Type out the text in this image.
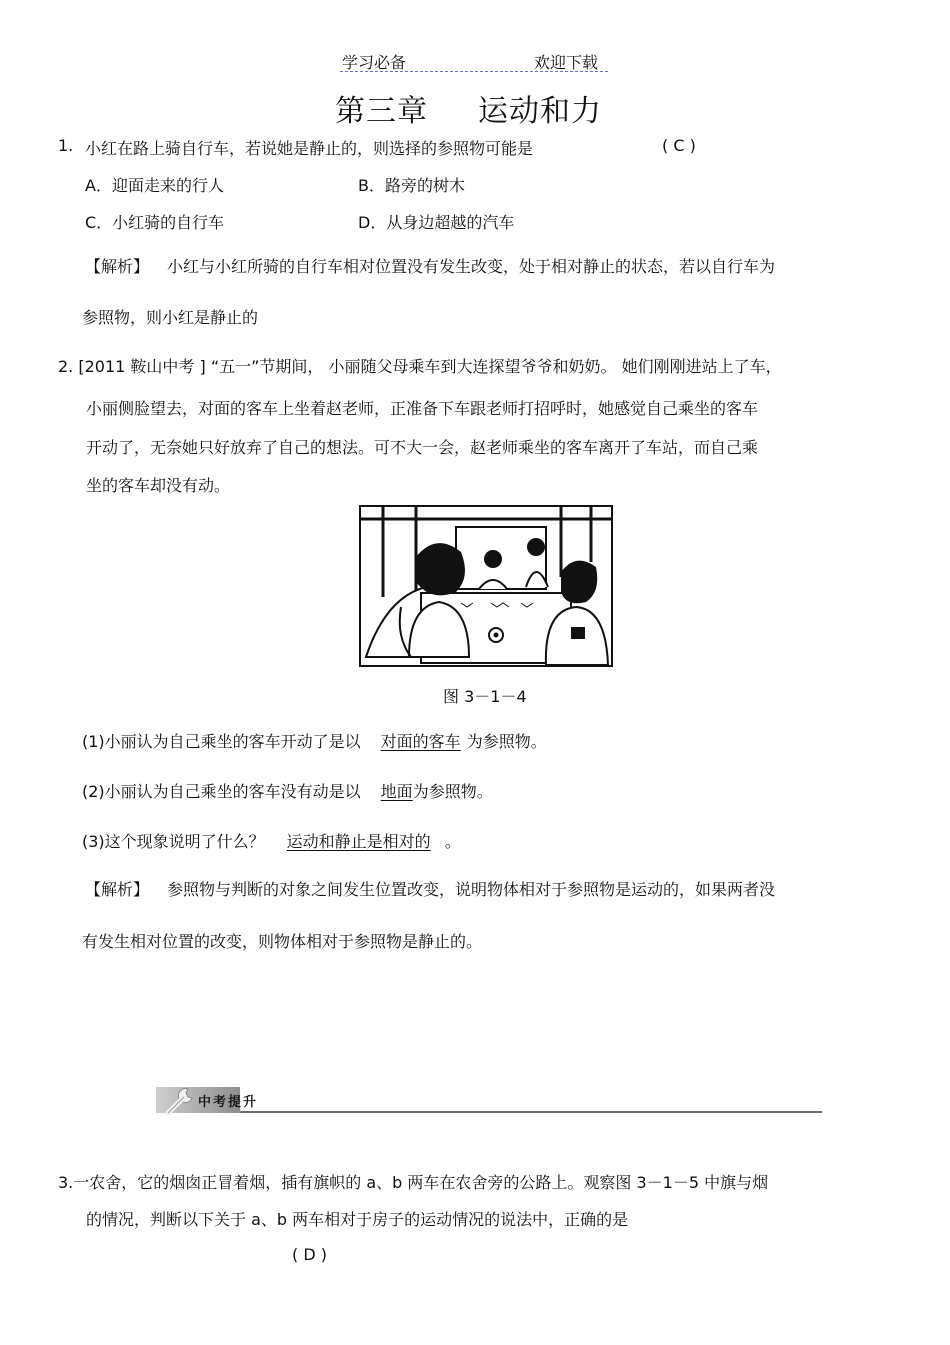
学习必备	欢迎下载
第三章 运动和力
1. 小红在路上骑自行车，若说她是静止的，则选择的参照物可能是	( C )
A．迎面走来的行人	B．路旁的树木
C．小红骑的自行车	D．从身边超越的汽车
【解析】 小红与小红所骑的自行车相对位置没有发生改变，处于相对静止的状态，若以自行车为
参照物，则小红是静止的
2. [2011 鞍山中考 ] “五一”节期间， 小丽随父母乘车到大连探望爷爷和奶奶。 她们刚刚进站上了车，
小丽侧脸望去，对面的客车上坐着赵老师，正准备下车跟老师打招呼时，她感觉自己乘坐的客车
开动了，无奈她只好放弃了自己的想法。可不大一会，赵老师乘坐的客车离开了车站，而自己乘
坐的客车却没有动。
图 3－1－4
(1)小丽认为自己乘坐的客车开动了是以 对面的客车 为参照物。
(2)小丽认为自己乘坐的客车没有动是以 地面为参照物。
(3)这个现象说明了什么？ 运动和静止是相对的 。
【解析】 参照物与判断的对象之间发生位置改变，说明物体相对于参照物是运动的，如果两者没
有发生相对位置的改变，则物体相对于参照物是静止的。
中考提升
3.一农舍，它的烟囱正冒着烟，插有旗帜的 a、b 两车在农舍旁的公路上。观察图 3－1－5 中旗与烟
的情况，判断以下关于 a、b 两车相对于房子的运动情况的说法中，正确的是
( D )
